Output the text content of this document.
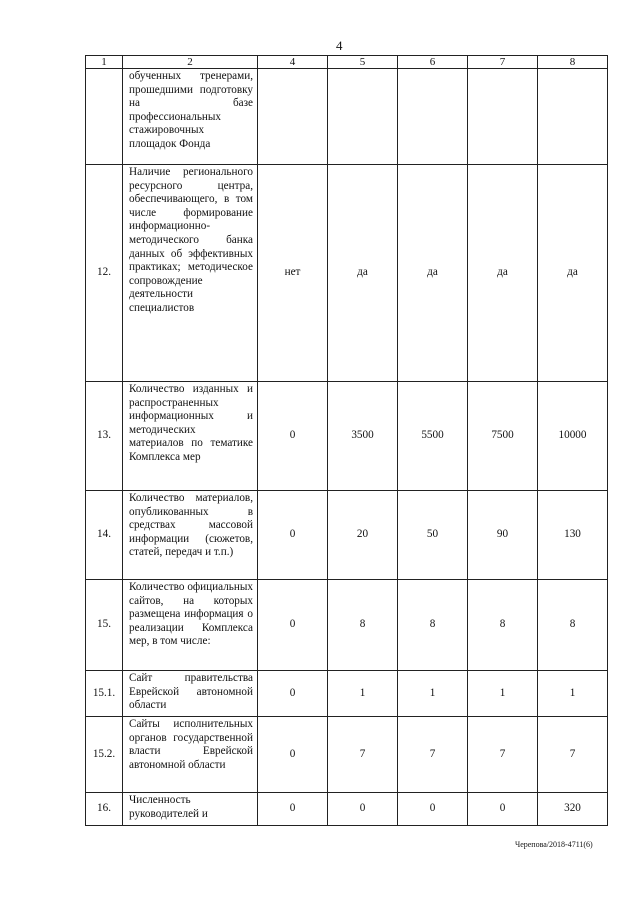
4
1	2	4	5	6	7	8
	обученных тренерами, прошедшими подготовку на базе профессиональных стажировочных площадок Фонда					
12.	Наличие регионального ресурсного центра, обеспечивающего, в том числе формирование информационно-методического банка данных об эффективных практиках; методическое сопровождение деятельности специалистов	нет	да	да	да	да
13.	Количество изданных и распространенных информационных и методических материалов по тематике Комплекса мер	0	3500	5500	7500	10000
14.	Количество материалов, опубликованных в средствах массовой информации (сюжетов, статей, передач и т.п.)	0	20	50	90	130
15.	Количество официальных сайтов, на которых размещена информация о реализации Комплекса мер, в том числе:	0	8	8	8	8
15.1.	Сайт правительства Еврейской автономной области	0	1	1	1	1
15.2.	Сайты исполнительных органов государственной власти Еврейской автономной области	0	7	7	7	7
16.	Численность руководителей и	0	0	0	0	320
Черепова/2018-4711(6)
